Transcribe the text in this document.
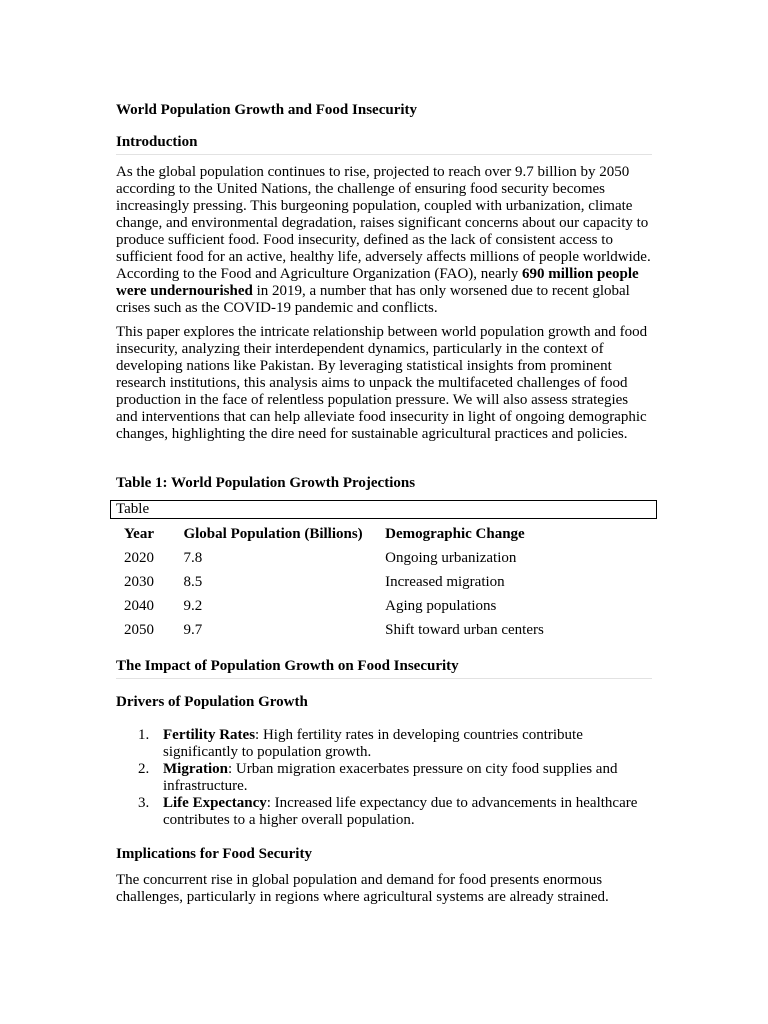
World Population Growth and Food Insecurity
Introduction

As the global population continues to rise, projected to reach over 9.7 billion by 2050 according to the United Nations, the challenge of ensuring food security becomes increasingly pressing. This burgeoning population, coupled with urbanization, climate change, and environmental degradation, raises significant concerns about our capacity to produce sufficient food. Food insecurity, defined as the lack of consistent access to sufficient food for an active, healthy life, adversely affects millions of people worldwide. According to the Food and Agriculture Organization (FAO), nearly 690 million people were undernourished in 2019, a number that has only worsened due to recent global crises such as the COVID-19 pandemic and conflicts.

This paper explores the intricate relationship between world population growth and food insecurity, analyzing their interdependent dynamics, particularly in the context of developing nations like Pakistan. By leveraging statistical insights from prominent research institutions, this analysis aims to unpack the multifaceted challenges of food production in the face of relentless population pressure. We will also assess strategies and interventions that can help alleviate food insecurity in light of ongoing demographic changes, highlighting the dire need for sustainable agricultural practices and policies.

Table 1: World Population Growth Projections
Table
Year	Global Population (Billions)	Demographic Change
2020	7.8	Ongoing urbanization
2030	8.5	Increased migration
2040	9.2	Aging populations
2050	9.7	Shift toward urban centers
The Impact of Population Growth on Food Insecurity
Drivers of Population Growth
1. Fertility Rates: High fertility rates in developing countries contribute significantly to population growth.
2. Migration: Urban migration exacerbates pressure on city food supplies and infrastructure.
3. Life Expectancy: Increased life expectancy due to advancements in healthcare contributes to a higher overall population.
Implications for Food Security

The concurrent rise in global population and demand for food presents enormous challenges, particularly in regions where agricultural systems are already strained.
